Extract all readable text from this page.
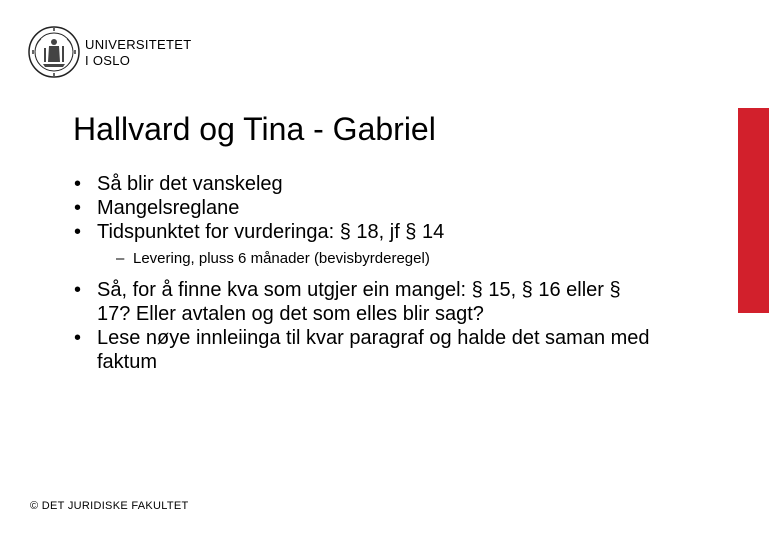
UNIVERSITETET
I OSLO
Hallvard og Tina - Gabriel
• Så blir det vanskeleg
• Mangelsreglane
• Tidspunktet for vurderinga: § 18, jf § 14
– Levering, pluss 6 månader (bevisbyrderegel)
• Så, for å finne kva som utgjer ein mangel: § 15, § 16 eller § 17? Eller avtalen og det som elles blir sagt?
• Lese nøye innleiinga til kvar paragraf og halde det saman med faktum
© DET JURIDISKE FAKULTET
